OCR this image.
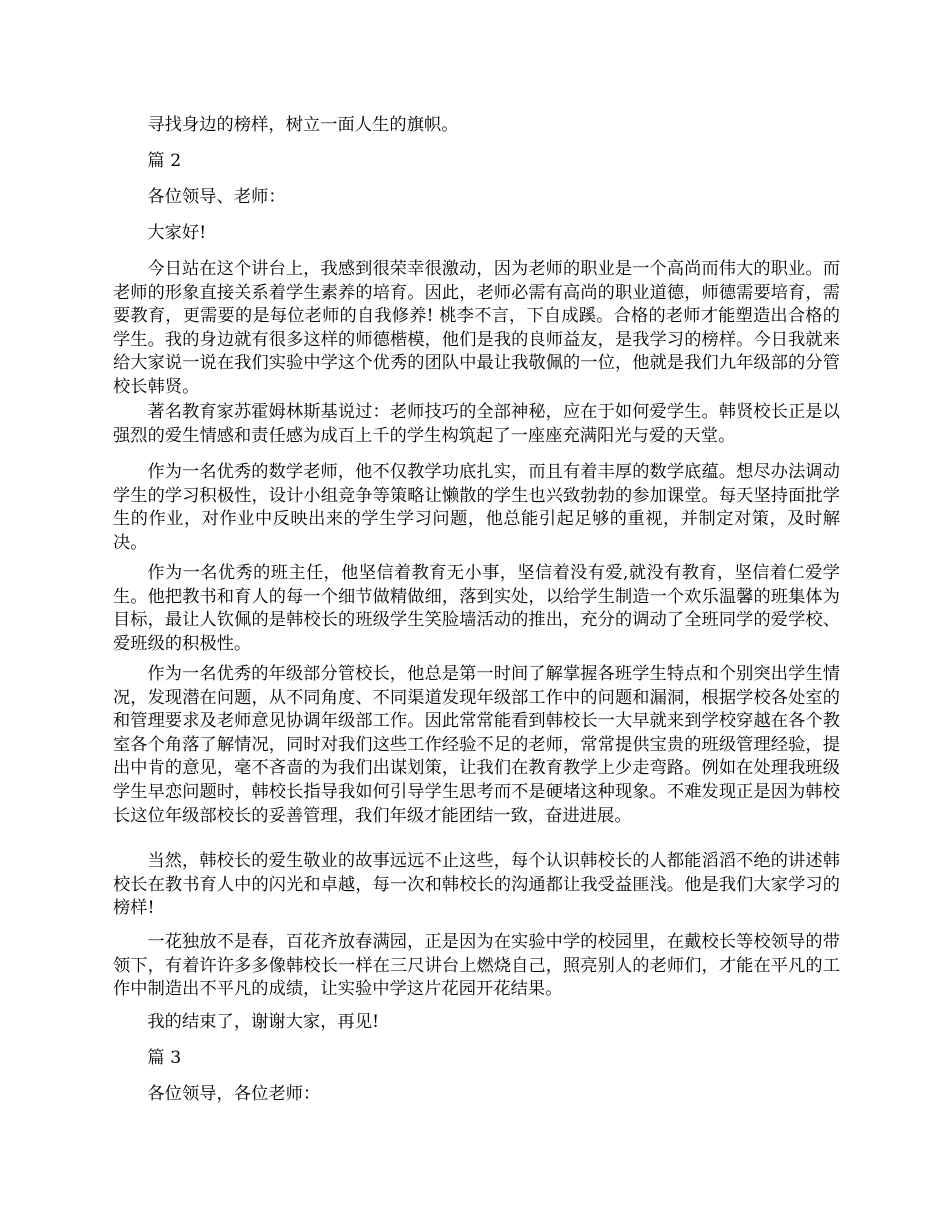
寻找身边的榜样，树立一面人生的旗帜。

篇 2

各位领导、老师：

大家好!

今日站在这个讲台上，我感到很荣幸很激动，因为老师的职业是一个高尚而伟大的职业。而老师的形象直接关系着学生素养的培育。因此，老师必需有高尚的职业道德，师德需要培育，需要教育，更需要的是每位老师的自我修养! 桃李不言，下自成蹊。合格的老师才能塑造出合格的学生。我的身边就有很多这样的师德楷模，他们是我的良师益友，是我学习的榜样。今日我就来给大家说一说在我们实验中学这个优秀的团队中最让我敬佩的一位，他就是我们九年级部的分管校长韩贤。

著名教育家苏霍姆林斯基说过：老师技巧的全部神秘，应在于如何爱学生。韩贤校长正是以强烈的爱生情感和责任感为成百上千的学生构筑起了一座座充满阳光与爱的天堂。

作为一名优秀的数学老师，他不仅教学功底扎实，而且有着丰厚的数学底蕴。想尽办法调动学生的学习积极性，设计小组竞争等策略让懒散的学生也兴致勃勃的参加课堂。每天坚持面批学生的作业，对作业中反映出来的学生学习问题，他总能引起足够的重视，并制定对策，及时解决。

作为一名优秀的班主任，他坚信着教育无小事，坚信着没有爱,就没有教育，坚信着仁爱学生。他把教书和育人的每一个细节做精做细，落到实处，以给学生制造一个欢乐温馨的班集体为目标，最让人钦佩的是韩校长的班级学生笑脸墙活动的推出，充分的调动了全班同学的爱学校、爱班级的积极性。

作为一名优秀的年级部分管校长，他总是第一时间了解掌握各班学生特点和个别突出学生情况，发现潜在问题，从不同角度、不同渠道发现年级部工作中的问题和漏洞，根据学校各处室的和管理要求及老师意见协调年级部工作。因此常常能看到韩校长一大早就来到学校穿越在各个教室各个角落了解情况，同时对我们这些工作经验不足的老师，常常提供宝贵的班级管理经验，提出中肯的意见，毫不吝啬的为我们出谋划策，让我们在教育教学上少走弯路。例如在处理我班级学生早恋问题时，韩校长指导我如何引导学生思考而不是硬堵这种现象。不难发现正是因为韩校长这位年级部校长的妥善管理，我们年级才能团结一致，奋进进展。

当然，韩校长的爱生敬业的故事远远不止这些，每个认识韩校长的人都能滔滔不绝的讲述韩校长在教书育人中的闪光和卓越，每一次和韩校长的沟通都让我受益匪浅。他是我们大家学习的榜样!

一花独放不是春，百花齐放春满园，正是因为在实验中学的校园里，在戴校长等校领导的带领下，有着许许多多像韩校长一样在三尺讲台上燃烧自己，照亮别人的老师们，才能在平凡的工作中制造出不平凡的成绩，让实验中学这片花园开花结果。

我的结束了，谢谢大家，再见!

篇 3

各位领导，各位老师：
